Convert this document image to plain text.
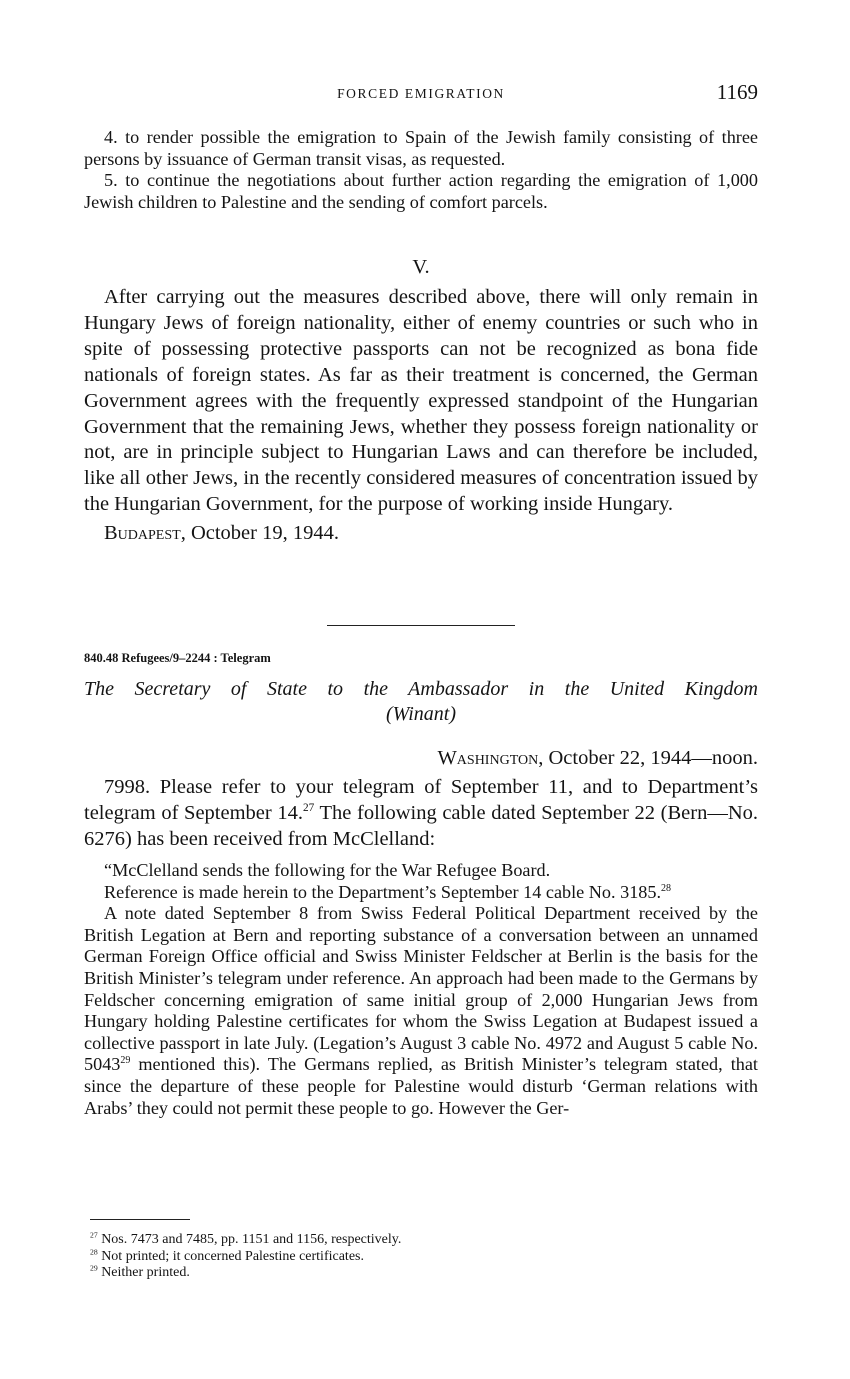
FORCED EMIGRATION	1169

4. to render possible the emigration to Spain of the Jewish family consisting of three persons by issuance of German transit visas, as requested.

5. to continue the negotiations about further action regarding the emigration of 1,000 Jewish children to Palestine and the sending of comfort parcels.

V.

After carrying out the measures described above, there will only remain in Hungary Jews of foreign nationality, either of enemy countries or such who in spite of possessing protective passports can not be recognized as bona fide nationals of foreign states. As far as their treatment is concerned, the German Government agrees with the frequently expressed standpoint of the Hungarian Government that the remaining Jews, whether they possess foreign nationality or not, are in principle subject to Hungarian Laws and can therefore be included, like all other Jews, in the recently considered measures of concentration issued by the Hungarian Government, for the purpose of working inside Hungary.

Budapest, October 19, 1944.

840.48 Refugees/9–2244 : Telegram
The Secretary of State to the Ambassador in the United Kingdom
(Winant)
Washington, October 22, 1944—noon.

7998. Please refer to your telegram of September 11, and to Department’s telegram of September 14.27 The following cable dated September 22 (Bern—No. 6276) has been received from McClelland:

“McClelland sends the following for the War Refugee Board.

Reference is made herein to the Department’s September 14 cable No. 3185.28

A note dated September 8 from Swiss Federal Political Department received by the British Legation at Bern and reporting substance of a conversation between an unnamed German Foreign Office official and Swiss Minister Feldscher at Berlin is the basis for the British Minister’s telegram under reference. An approach had been made to the Germans by Feldscher concerning emigration of same initial group of 2,000 Hungarian Jews from Hungary holding Palestine certificates for whom the Swiss Legation at Budapest issued a collective passport in late July. (Legation’s August 3 cable No. 4972 and August 5 cable No. 5043$^{29}$ mentioned this). The Germans replied, as British Minister’s telegram stated, that since the departure of these people for Palestine would disturb ‘German relations with Arabs’ they could not permit these people to go. However the Ger-

$^{27}$ Nos. 7473 and 7485, pp. 1151 and 1156, respectively.

$^{28}$ Not printed; it concerned Palestine certificates.

$^{29}$ Neither printed.
